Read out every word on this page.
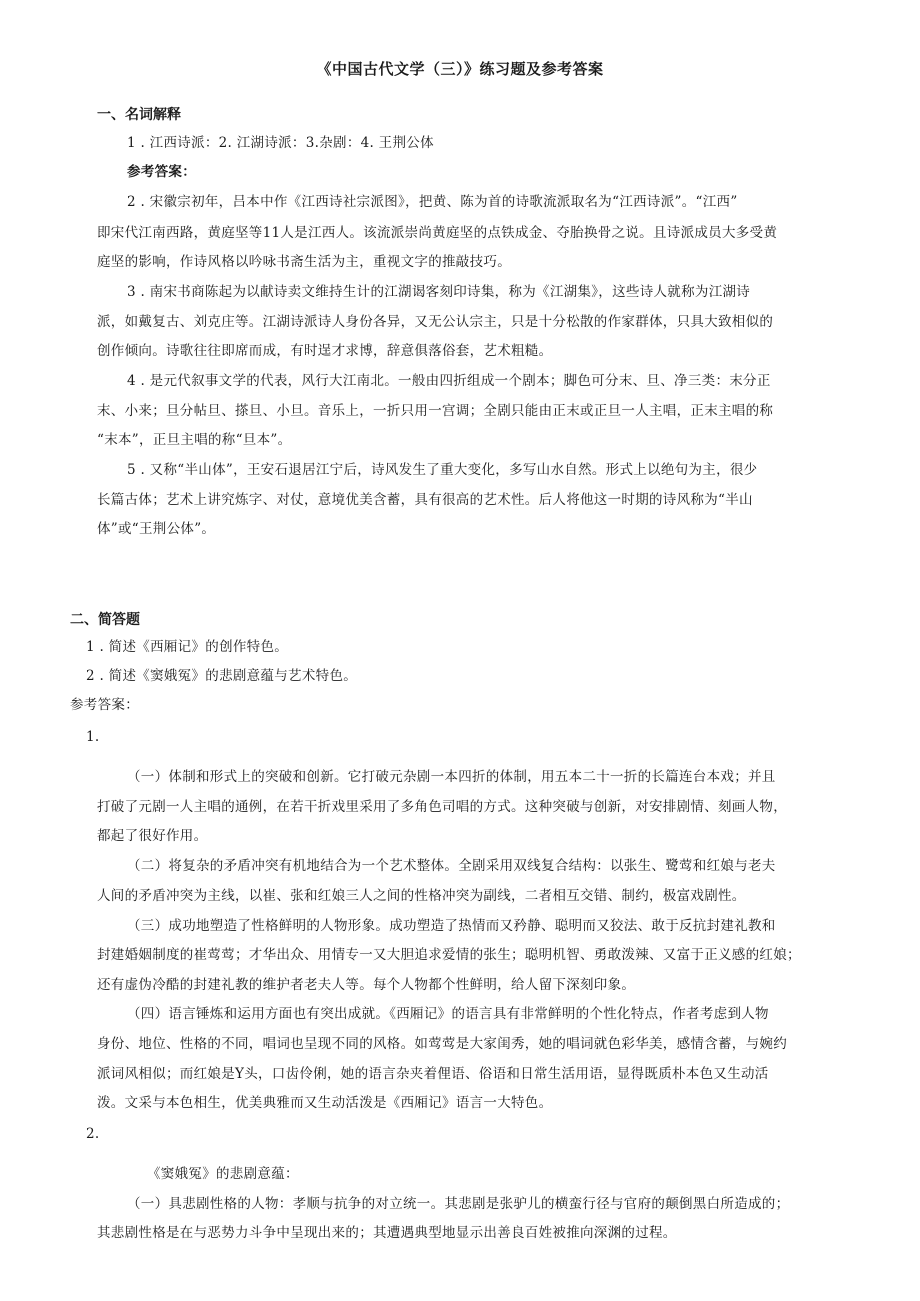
《中国古代文学（三）》练习题及参考答案
一、名词解释
1 . 江西诗派：2. 江湖诗派：3.杂剧：4. 王荆公体
参考答案：
2 . 宋徽宗初年，吕本中作《江西诗社宗派图》，把黄、陈为首的诗歌流派取名为“江西诗派”。“江西”
即宋代江南西路，黄庭坚等11人是江西人。该流派崇尚黄庭坚的点铁成金、夺胎换骨之说。且诗派成员大多受黄
庭坚的影响，作诗风格以吟咏书斋生活为主，重视文字的推敲技巧。
3 . 南宋书商陈起为以献诗卖文维持生计的江湖谒客刻印诗集，称为《江湖集》，这些诗人就称为江湖诗
派，如戴复古、刘克庄等。江湖诗派诗人身份各异，又无公认宗主，只是十分松散的作家群体，只具大致相似的
创作倾向。诗歌往往即席而成，有时逞才求博，辞意俱落俗套，艺术粗糙。
4 . 是元代叙事文学的代表，风行大江南北。一般由四折组成一个剧本；脚色可分末、旦、净三类：末分正
末、小来；旦分帖旦、搽旦、小旦。音乐上，一折只用一宫调；全剧只能由正末或正旦一人主唱，正末主唱的称
“末本”，正旦主唱的称“旦本”。
5 . 又称“半山体”，王安石退居江宁后，诗风发生了重大变化，多写山水自然。形式上以绝句为主，很少
长篇古体；艺术上讲究炼字、对仗，意境优美含蓄，具有很高的艺术性。后人将他这一时期的诗风称为“半山
体”或“王荆公体”。
二、简答题
1 . 简述《西厢记》的创作特色。
2 . 简述《窦娥冤》的悲剧意蕴与艺术特色。
参考答案：
1.
（一）体制和形式上的突破和创新。它打破元杂剧一本四折的体制，用五本二十一折的长篇连台本戏；并且
打破了元剧一人主唱的通例，在若干折戏里采用了多角色司唱的方式。这种突破与创新，对安排剧情、刻画人物，
都起了很好作用。
（二）将复杂的矛盾冲突有机地结合为一个艺术整体。全剧采用双线复合结构：以张生、鹭莺和红娘与老夫
人间的矛盾冲突为主线，以崔、张和红娘三人之间的性格冲突为副线，二者相互交错、制约，极富戏剧性。
（三）成功地塑造了性格鲜明的人物形象。成功塑造了热情而又矜静、聪明而又狡法、敢于反抗封建礼教和
封建婚姻制度的崔莺莺；才华出众、用情专一又大胆追求爱情的张生；聪明机智、勇敢泼辣、又富于正义感的红娘；
还有虚伪冷酷的封建礼教的维护者老夫人等。每个人物都个性鲜明，给人留下深刻印象。
（四）语言锤炼和运用方面也有突出成就。《西厢记》的语言具有非常鲜明的个性化特点，作者考虑到人物
身份、地位、性格的不同，唱词也呈现不同的风格。如莺莺是大家闺秀，她的唱词就色彩华美，感情含蓄，与婉约
派词风相似；而红娘是Y头，口齿伶俐，她的语言杂夹着俚语、俗语和日常生活用语，显得既质朴本色又生动活
泼。文采与本色相生，优美典雅而又生动活泼是《西厢记》语言一大特色。
2.
《窦娥冤》的悲剧意蕴：
（一）具悲剧性格的人物：孝顺与抗争的对立统一。其悲剧是张驴儿的横蛮行径与官府的颠倒黑白所造成的；
其悲剧性格是在与恶势力斗争中呈现出来的；其遭遇典型地显示出善良百姓被推向深渊的过程。
